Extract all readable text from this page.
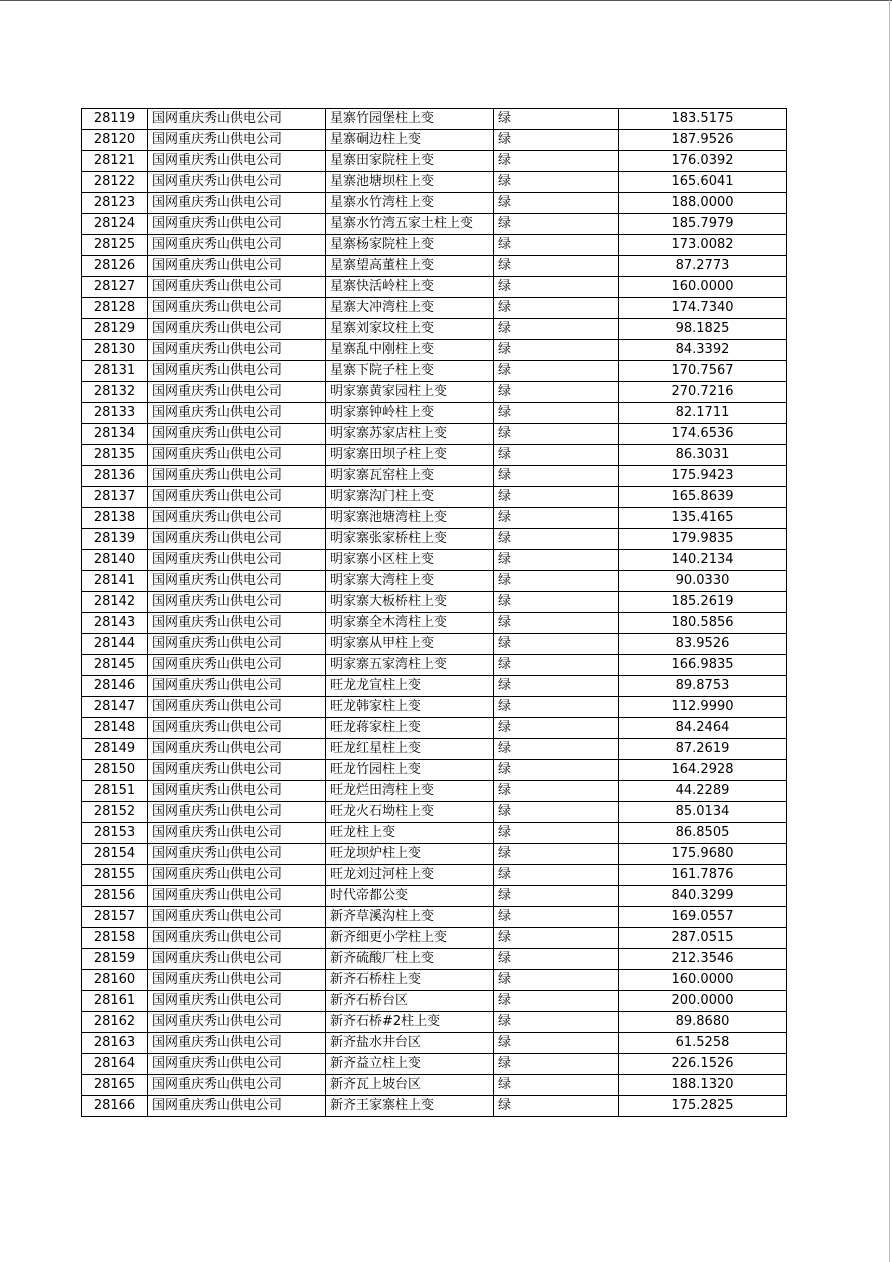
28119	国网重庆秀山供电公司	星寨竹园堡柱上变	绿	183.5175
28120	国网重庆秀山供电公司	星寨硐边柱上变	绿	187.9526
28121	国网重庆秀山供电公司	星寨田家院柱上变	绿	176.0392
28122	国网重庆秀山供电公司	星寨池塘坝柱上变	绿	165.6041
28123	国网重庆秀山供电公司	星寨水竹湾柱上变	绿	188.0000
28124	国网重庆秀山供电公司	星寨水竹湾五家土柱上变	绿	185.7979
28125	国网重庆秀山供电公司	星寨杨家院柱上变	绿	173.0082
28126	国网重庆秀山供电公司	星寨望高董柱上变	绿	87.2773
28127	国网重庆秀山供电公司	星寨快活岭柱上变	绿	160.0000
28128	国网重庆秀山供电公司	星寨大冲湾柱上变	绿	174.7340
28129	国网重庆秀山供电公司	星寨刘家坟柱上变	绿	98.1825
28130	国网重庆秀山供电公司	星寨乱中刚柱上变	绿	84.3392
28131	国网重庆秀山供电公司	星寨下院子柱上变	绿	170.7567
28132	国网重庆秀山供电公司	明家寨黄家园柱上变	绿	270.7216
28133	国网重庆秀山供电公司	明家寨钟岭柱上变	绿	82.1711
28134	国网重庆秀山供电公司	明家寨苏家店柱上变	绿	174.6536
28135	国网重庆秀山供电公司	明家寨田坝子柱上变	绿	86.3031
28136	国网重庆秀山供电公司	明家寨瓦窑柱上变	绿	175.9423
28137	国网重庆秀山供电公司	明家寨沟门柱上变	绿	165.8639
28138	国网重庆秀山供电公司	明家寨池塘湾柱上变	绿	135.4165
28139	国网重庆秀山供电公司	明家寨张家桥柱上变	绿	179.9835
28140	国网重庆秀山供电公司	明家寨小区柱上变	绿	140.2134
28141	国网重庆秀山供电公司	明家寨大湾柱上变	绿	90.0330
28142	国网重庆秀山供电公司	明家寨大板桥柱上变	绿	185.2619
28143	国网重庆秀山供电公司	明家寨全木湾柱上变	绿	180.5856
28144	国网重庆秀山供电公司	明家寨从甲柱上变	绿	83.9526
28145	国网重庆秀山供电公司	明家寨五家湾柱上变	绿	166.9835
28146	国网重庆秀山供电公司	旺龙龙宣柱上变	绿	89.8753
28147	国网重庆秀山供电公司	旺龙韩家柱上变	绿	112.9990
28148	国网重庆秀山供电公司	旺龙蒋家柱上变	绿	84.2464
28149	国网重庆秀山供电公司	旺龙红星柱上变	绿	87.2619
28150	国网重庆秀山供电公司	旺龙竹园柱上变	绿	164.2928
28151	国网重庆秀山供电公司	旺龙烂田湾柱上变	绿	44.2289
28152	国网重庆秀山供电公司	旺龙火石坳柱上变	绿	85.0134
28153	国网重庆秀山供电公司	旺龙柱上变	绿	86.8505
28154	国网重庆秀山供电公司	旺龙坝炉柱上变	绿	175.9680
28155	国网重庆秀山供电公司	旺龙刘过河柱上变	绿	161.7876
28156	国网重庆秀山供电公司	时代帝都公变	绿	840.3299
28157	国网重庆秀山供电公司	新齐草溪沟柱上变	绿	169.0557
28158	国网重庆秀山供电公司	新齐细更小学柱上变	绿	287.0515
28159	国网重庆秀山供电公司	新齐硫酸厂柱上变	绿	212.3546
28160	国网重庆秀山供电公司	新齐石桥柱上变	绿	160.0000
28161	国网重庆秀山供电公司	新齐石桥台区	绿	200.0000
28162	国网重庆秀山供电公司	新齐石桥#2柱上变	绿	89.8680
28163	国网重庆秀山供电公司	新齐盐水井台区	绿	61.5258
28164	国网重庆秀山供电公司	新齐益立柱上变	绿	226.1526
28165	国网重庆秀山供电公司	新齐瓦上坡台区	绿	188.1320
28166	国网重庆秀山供电公司	新齐王家寨柱上变	绿	175.2825
